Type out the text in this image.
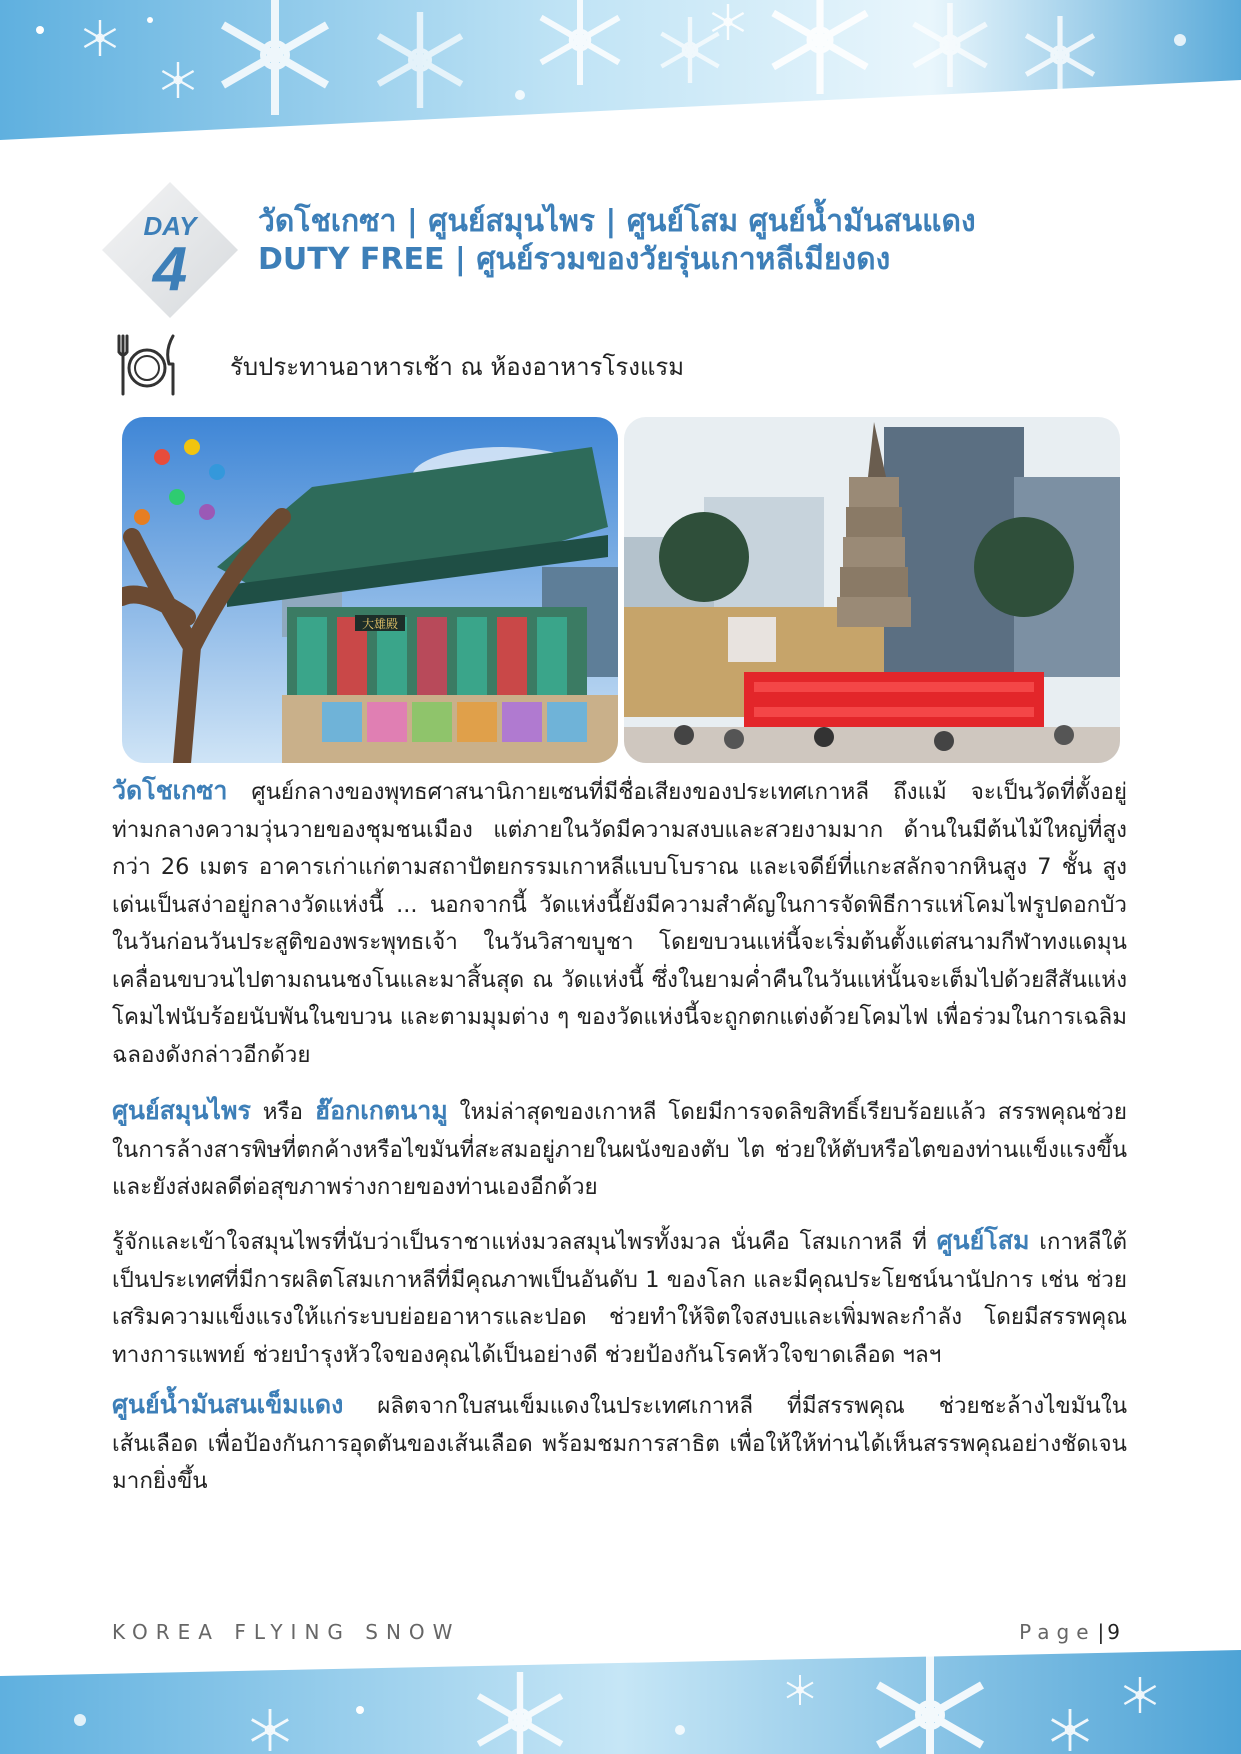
DAY
4
วัดโชเกซา | ศูนย์สมุนไพร | ศูนย์โสม ศูนย์น้ำมันสนแดง
DUTY FREE | ศูนย์รวมของวัยรุ่นเกาหลีเมียงดง
รับประทานอาหารเช้า ณ ห้องอาหารโรงแรม
大雄殿
วัดโชเกซา ศูนย์กลางของพุทธศาสนานิกายเซนที่มีชื่อเสียงของประเทศเกาหลี ถึงแม้ จะเป็นวัดที่ตั้งอยู่ท่ามกลางความวุ่นวายของชุมชนเมือง แต่ภายในวัดมีความสงบและสวยงามมาก ด้านในมีต้นไม้ใหญ่ที่สูงกว่า 26 เมตร อาคารเก่าแก่ตามสถาปัตยกรรมเกาหลีแบบโบราณ และเจดีย์ที่แกะสลักจากหินสูง 7 ชั้น สูงเด่นเป็นสง่าอยู่กลางวัดแห่งนี้ ... นอกจากนี้ วัดแห่งนี้ยังมีความสำคัญในการจัดพิธีการแห่โคมไฟรูปดอกบัวในวันก่อนวันประสูติของพระพุทธเจ้า ในวันวิสาขบูชา โดยขบวนแห่นี้จะเริ่มต้นตั้งแต่สนามกีฬาทงแดมุนเคลื่อนขบวนไปตามถนนชงโนและมาสิ้นสุด ณ วัดแห่งนี้ ซึ่งในยามค่ำคืนในวันแห่นั้นจะเต็มไปด้วยสีสันแห่งโคมไฟนับร้อยนับพันในขบวน และตามมุมต่าง ๆ ของวัดแห่งนี้จะถูกตกแต่งด้วยโคมไฟ เพื่อร่วมในการเฉลิมฉลองดังกล่าวอีกด้วย
ศูนย์สมุนไพร หรือ ฮ๊อกเกตนามู ใหม่ล่าสุดของเกาหลี โดยมีการจดลิขสิทธิ์เรียบร้อยแล้ว สรรพคุณช่วยในการล้างสารพิษที่ตกค้างหรือไขมันที่สะสมอยู่ภายในผนังของตับ ไต ช่วยให้ตับหรือไตของท่านแข็งแรงขึ้น และยังส่งผลดีต่อสุขภาพร่างกายของท่านเองอีกด้วย
รู้จักและเข้าใจสมุนไพรที่นับว่าเป็นราชาแห่งมวลสมุนไพรทั้งมวล นั่นคือ โสมเกาหลี ที่ ศูนย์โสม เกาหลีใต้เป็นประเทศที่มีการผลิตโสมเกาหลีที่มีคุณภาพเป็นอันดับ 1 ของโลก และมีคุณประโยชน์นานัปการ เช่น ช่วยเสริมความแข็งแรงให้แก่ระบบย่อยอาหารและปอด ช่วยทำให้จิตใจสงบและเพิ่มพละกำลัง โดยมีสรรพคุณทางการแพทย์ ช่วยบำรุงหัวใจของคุณได้เป็นอย่างดี ช่วยป้องกันโรคหัวใจขาดเลือด ฯลฯ
ศูนย์น้ำมันสนเข็มแดง ผลิตจากใบสนเข็มแดงในประเทศเกาหลี ที่มีสรรพคุณ ช่วยชะล้างไขมันในเส้นเลือด เพื่อป้องกันการอุดตันของเส้นเลือด พร้อมชมการสาธิต เพื่อให้ให้ท่านได้เห็นสรรพคุณอย่างชัดเจนมากยิ่งขึ้น
KOREA FLYING SNOW	Page | 9
